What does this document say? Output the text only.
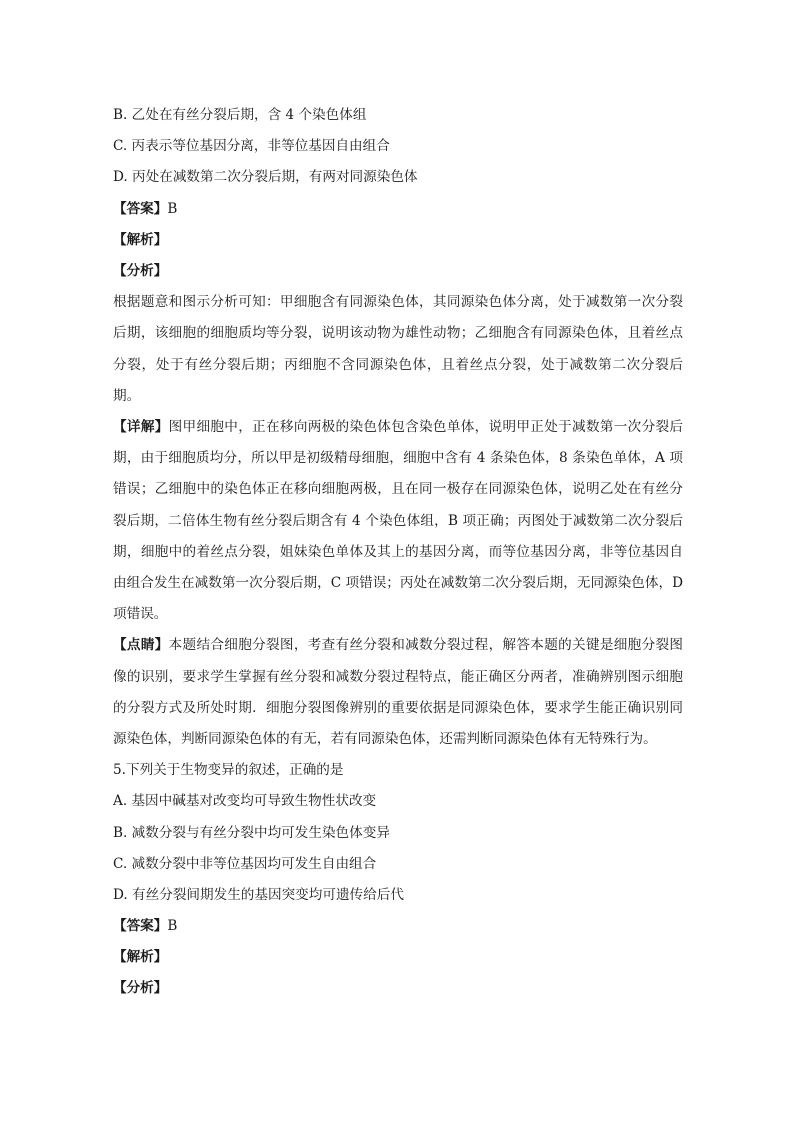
B. 乙处在有丝分裂后期，含 4 个染色体组
C. 丙表示等位基因分离，非等位基因自由组合
D. 丙处在减数第二次分裂后期，有两对同源染色体
【答案】B
【解析】
【分析】
根据题意和图示分析可知：甲细胞含有同源染色体，其同源染色体分离，处于减数第一次分裂后期，该细胞的细胞质均等分裂，说明该动物为雄性动物；乙细胞含有同源染色体，且着丝点分裂，处于有丝分裂后期；丙细胞不含同源染色体，且着丝点分裂，处于减数第二次分裂后期。
【详解】图甲细胞中，正在移向两极的染色体包含染色单体，说明甲正处于减数第一次分裂后期，由于细胞质均分，所以甲是初级精母细胞，细胞中含有 4 条染色体，8 条染色单体，A 项错误；乙细胞中的染色体正在移向细胞两极，且在同一极存在同源染色体，说明乙处在有丝分裂后期，二倍体生物有丝分裂后期含有 4 个染色体组，B 项正确；丙图处于减数第二次分裂后期，细胞中的着丝点分裂，姐妹染色单体及其上的基因分离，而等位基因分离，非等位基因自由组合发生在减数第一次分裂后期，C 项错误；丙处在减数第二次分裂后期，无同源染色体，D 项错误。
【点睛】本题结合细胞分裂图，考查有丝分裂和减数分裂过程，解答本题的关键是细胞分裂图像的识别，要求学生掌握有丝分裂和减数分裂过程特点，能正确区分两者，准确辨别图示细胞的分裂方式及所处时期．细胞分裂图像辨别的重要依据是同源染色体，要求学生能正确识别同源染色体，判断同源染色体的有无，若有同源染色体，还需判断同源染色体有无特殊行为。
5.下列关于生物变异的叙述，正确的是
A. 基因中碱基对改变均可导致生物性状改变
B. 减数分裂与有丝分裂中均可发生染色体变异
C. 减数分裂中非等位基因均可发生自由组合
D. 有丝分裂间期发生的基因突变均可遗传给后代
【答案】B
【解析】
【分析】
